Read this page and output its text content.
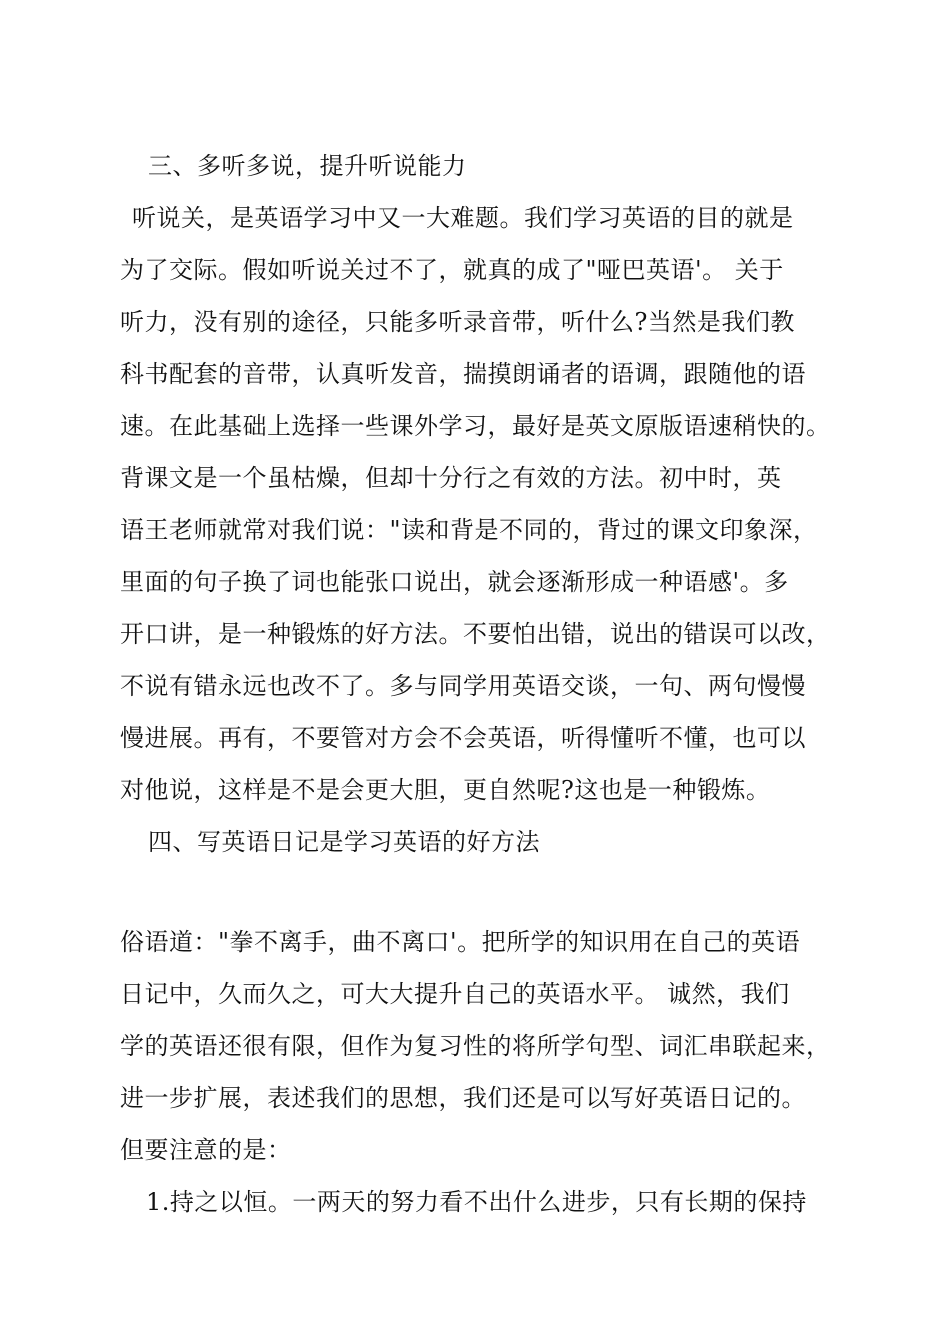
三、多听多说，提升听说能力
听说关，是英语学习中又一大难题。我们学习英语的目的就是
为了交际。假如听说关过不了，就真的成了"哑巴英语'。 关于
听力，没有别的途径，只能多听录音带，听什么?当然是我们教
科书配套的音带，认真听发音，揣摸朗诵者的语调，跟随他的语
速。在此基础上选择一些课外学习，最好是英文原版语速稍快的。
背课文是一个虽枯燥，但却十分行之有效的方法。初中时，英
语王老师就常对我们说："读和背是不同的，背过的课文印象深，
里面的句子换了词也能张口说出，就会逐渐形成一种语感'。多
开口讲，是一种锻炼的好方法。不要怕出错，说出的错误可以改，
不说有错永远也改不了。多与同学用英语交谈，一句、两句慢慢
慢进展。再有，不要管对方会不会英语，听得懂听不懂，也可以
对他说，这样是不是会更大胆，更自然呢?这也是一种锻炼。
四、写英语日记是学习英语的好方法
俗语道："拳不离手，曲不离口'。把所学的知识用在自己的英语
日记中，久而久之，可大大提升自己的英语水平。 诚然，我们
学的英语还很有限，但作为复习性的将所学句型、词汇串联起来，
进一步扩展，表述我们的思想，我们还是可以写好英语日记的。
但要注意的是：
1.持之以恒。一两天的努力看不出什么进步，只有长期的保持
